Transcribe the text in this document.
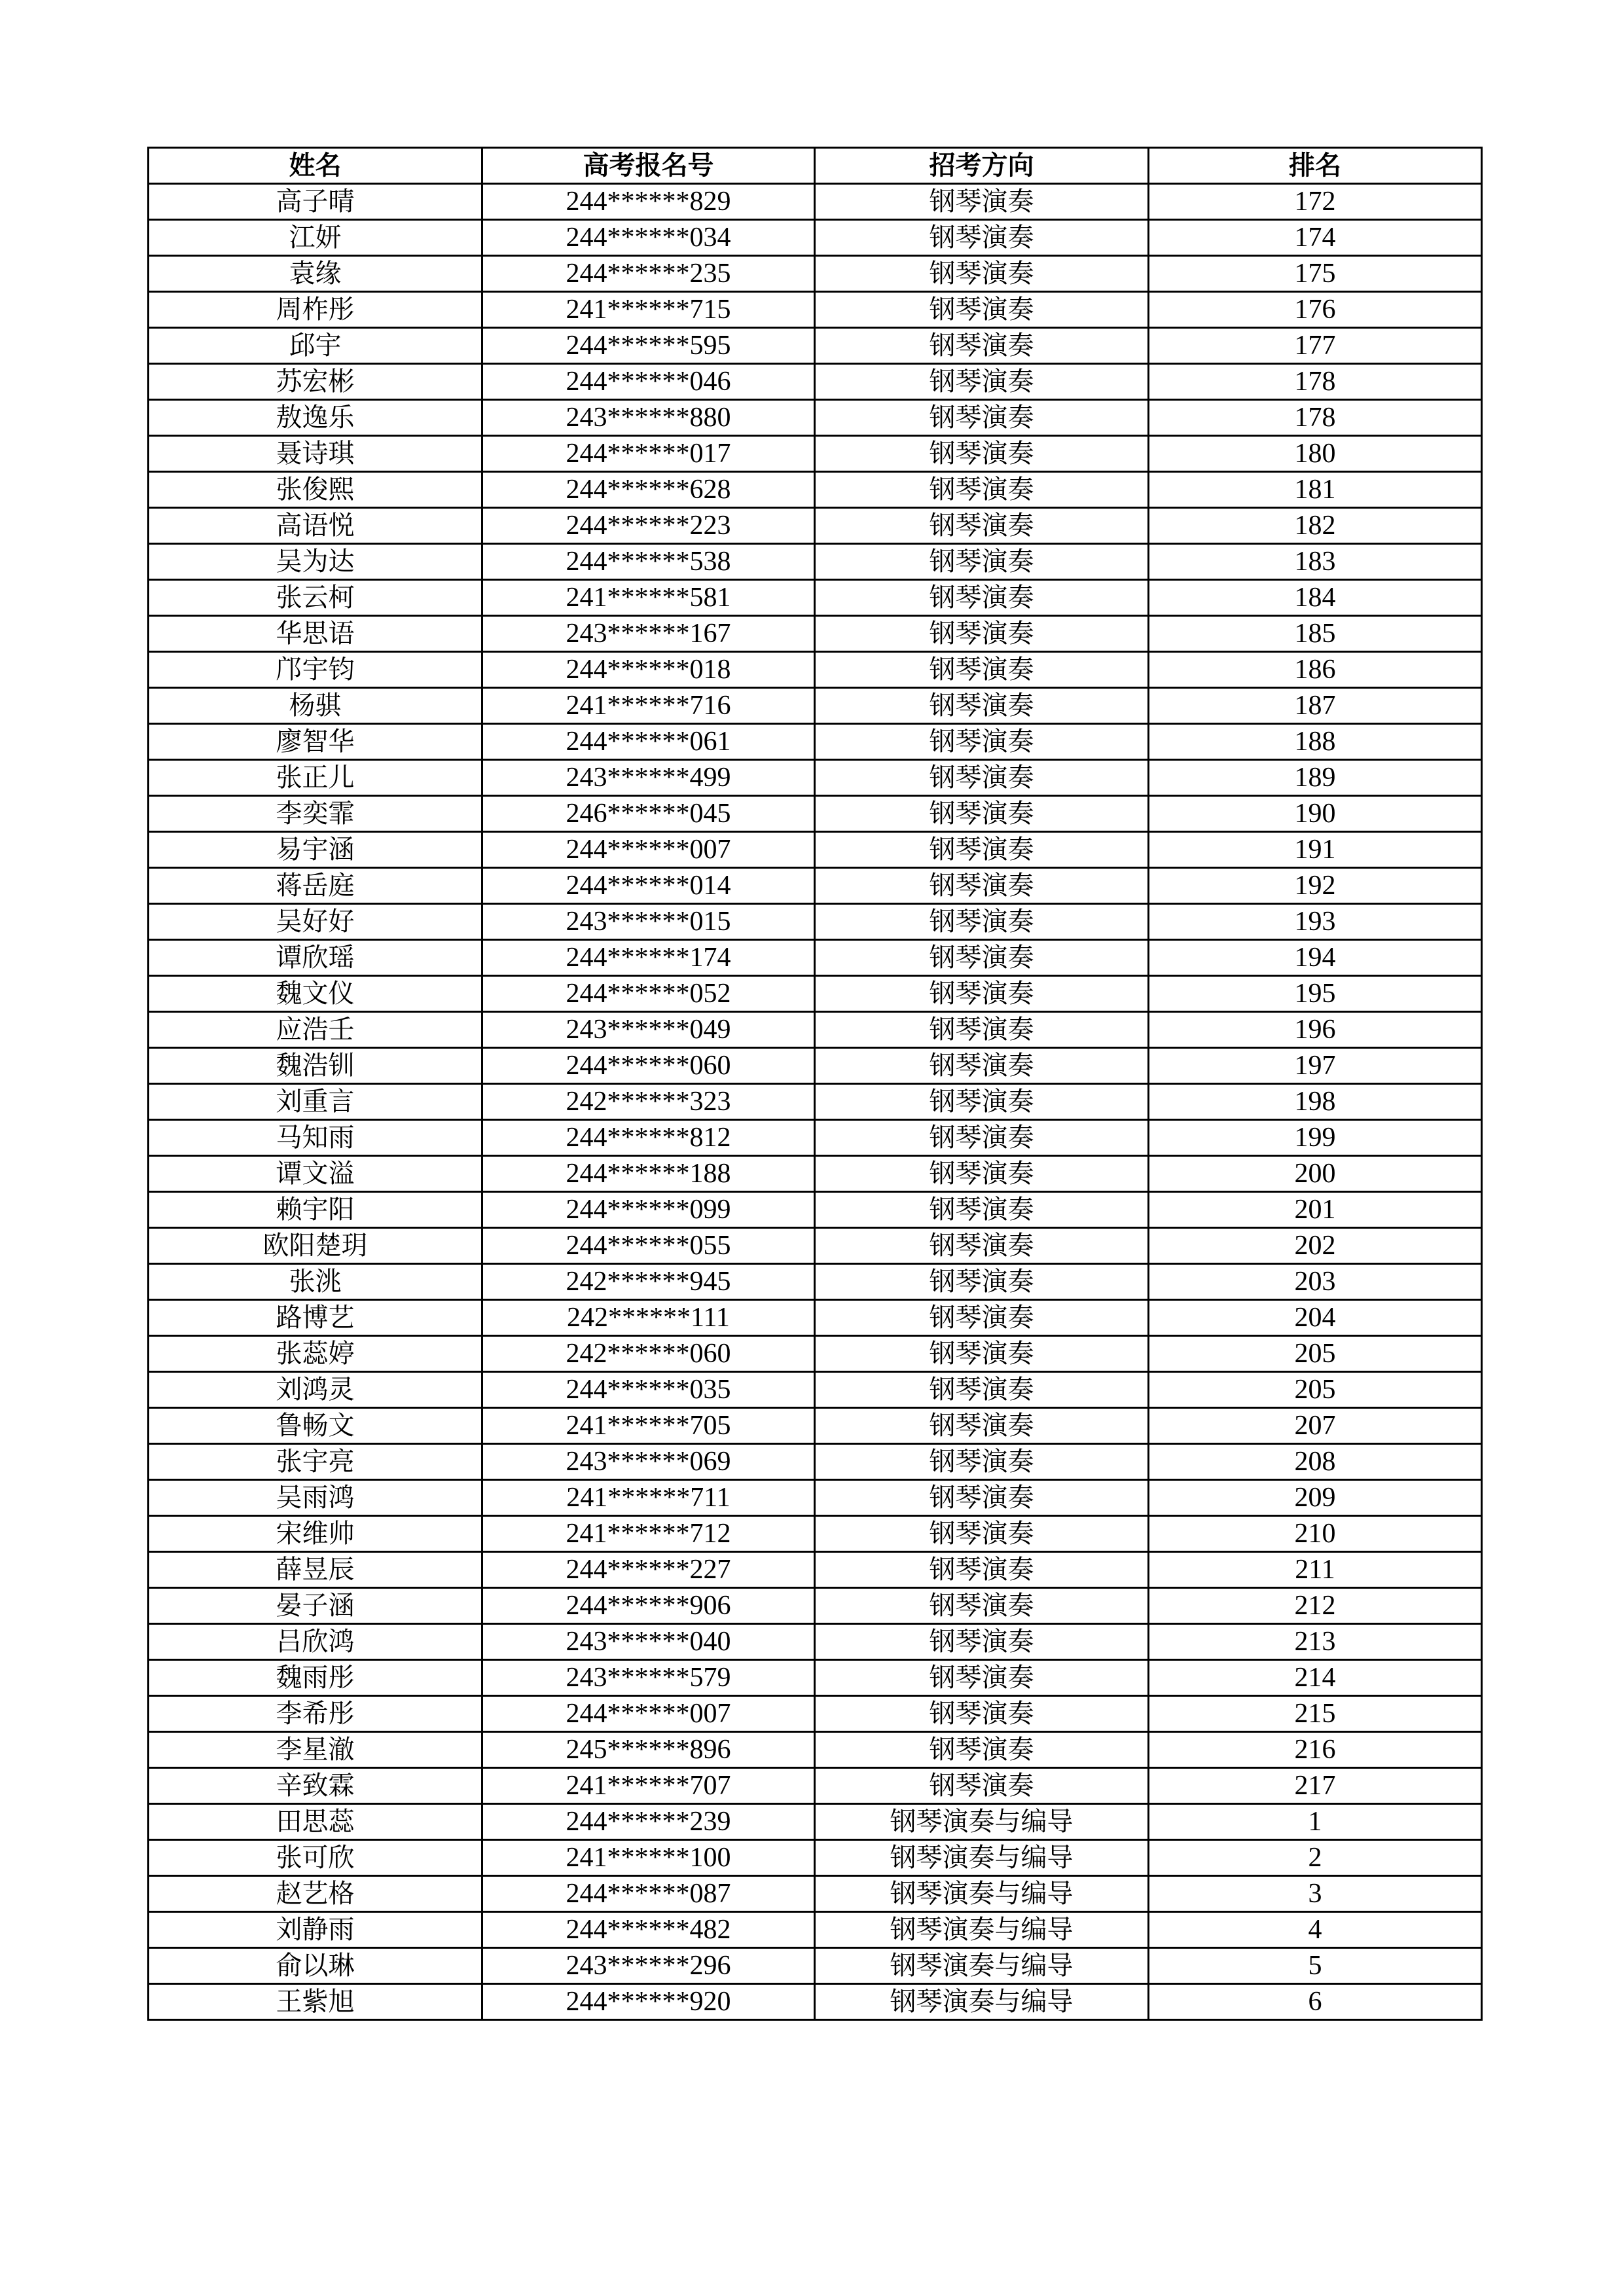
姓名	高考报名号	招考方向	排名
高子晴	244******829	钢琴演奏	172
江妍	244******034	钢琴演奏	174
袁缘	244******235	钢琴演奏	175
周柞彤	241******715	钢琴演奏	176
邱宇	244******595	钢琴演奏	177
苏宏彬	244******046	钢琴演奏	178
敖逸乐	243******880	钢琴演奏	178
聂诗琪	244******017	钢琴演奏	180
张俊熙	244******628	钢琴演奏	181
高语悦	244******223	钢琴演奏	182
吴为达	244******538	钢琴演奏	183
张云柯	241******581	钢琴演奏	184
华思语	243******167	钢琴演奏	185
邝宇钧	244******018	钢琴演奏	186
杨骐	241******716	钢琴演奏	187
廖智华	244******061	钢琴演奏	188
张正儿	243******499	钢琴演奏	189
李奕霏	246******045	钢琴演奏	190
易宇涵	244******007	钢琴演奏	191
蒋岳庭	244******014	钢琴演奏	192
吴好好	243******015	钢琴演奏	193
谭欣瑶	244******174	钢琴演奏	194
魏文仪	244******052	钢琴演奏	195
应浩壬	243******049	钢琴演奏	196
魏浩钏	244******060	钢琴演奏	197
刘重言	242******323	钢琴演奏	198
马知雨	244******812	钢琴演奏	199
谭文溢	244******188	钢琴演奏	200
赖宇阳	244******099	钢琴演奏	201
欧阳楚玥	244******055	钢琴演奏	202
张洮	242******945	钢琴演奏	203
路博艺	242******111	钢琴演奏	204
张蕊婷	242******060	钢琴演奏	205
刘鸿灵	244******035	钢琴演奏	205
鲁畅文	241******705	钢琴演奏	207
张宇亮	243******069	钢琴演奏	208
吴雨鸿	241******711	钢琴演奏	209
宋维帅	241******712	钢琴演奏	210
薛昱辰	244******227	钢琴演奏	211
晏子涵	244******906	钢琴演奏	212
吕欣鸿	243******040	钢琴演奏	213
魏雨彤	243******579	钢琴演奏	214
李希彤	244******007	钢琴演奏	215
李星澈	245******896	钢琴演奏	216
辛致霖	241******707	钢琴演奏	217
田思蕊	244******239	钢琴演奏与编导	1
张可欣	241******100	钢琴演奏与编导	2
赵艺格	244******087	钢琴演奏与编导	3
刘静雨	244******482	钢琴演奏与编导	4
俞以琳	243******296	钢琴演奏与编导	5
王紫旭	244******920	钢琴演奏与编导	6
